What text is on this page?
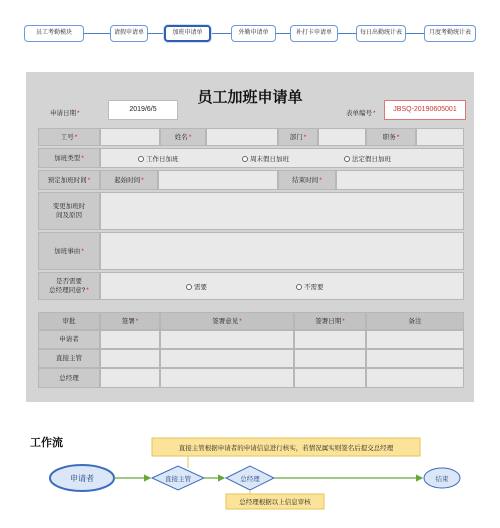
员工考勤模块	请假申请单	加班申请单	外勤申请单	补打卡申请单	每日出勤统计表	月度考勤统计表
员工加班申请单
申请日期 *
2019/6/5
表单编号 *
JBSQ-20190605001
工号 *	姓名 *	部门 *	职务 *
加班类型 *	工作日加班	周末假日加班	法定假日加班
预定加班时间 *	起始时间 *	结束时间 *
变更加班时
间及原因
加班事由 *
是否需要
总经理同意? *	需要	不需要
审批	签署 *	签署意见 *	签署日期 *	备注
申请者
直接主管
总经理
工作流	直接主管根据申请者的申请信息进行核实，若情况属实则签名后提交总经理
申请者	直接主管	总经理	结束
总经理根据以上信息审核
